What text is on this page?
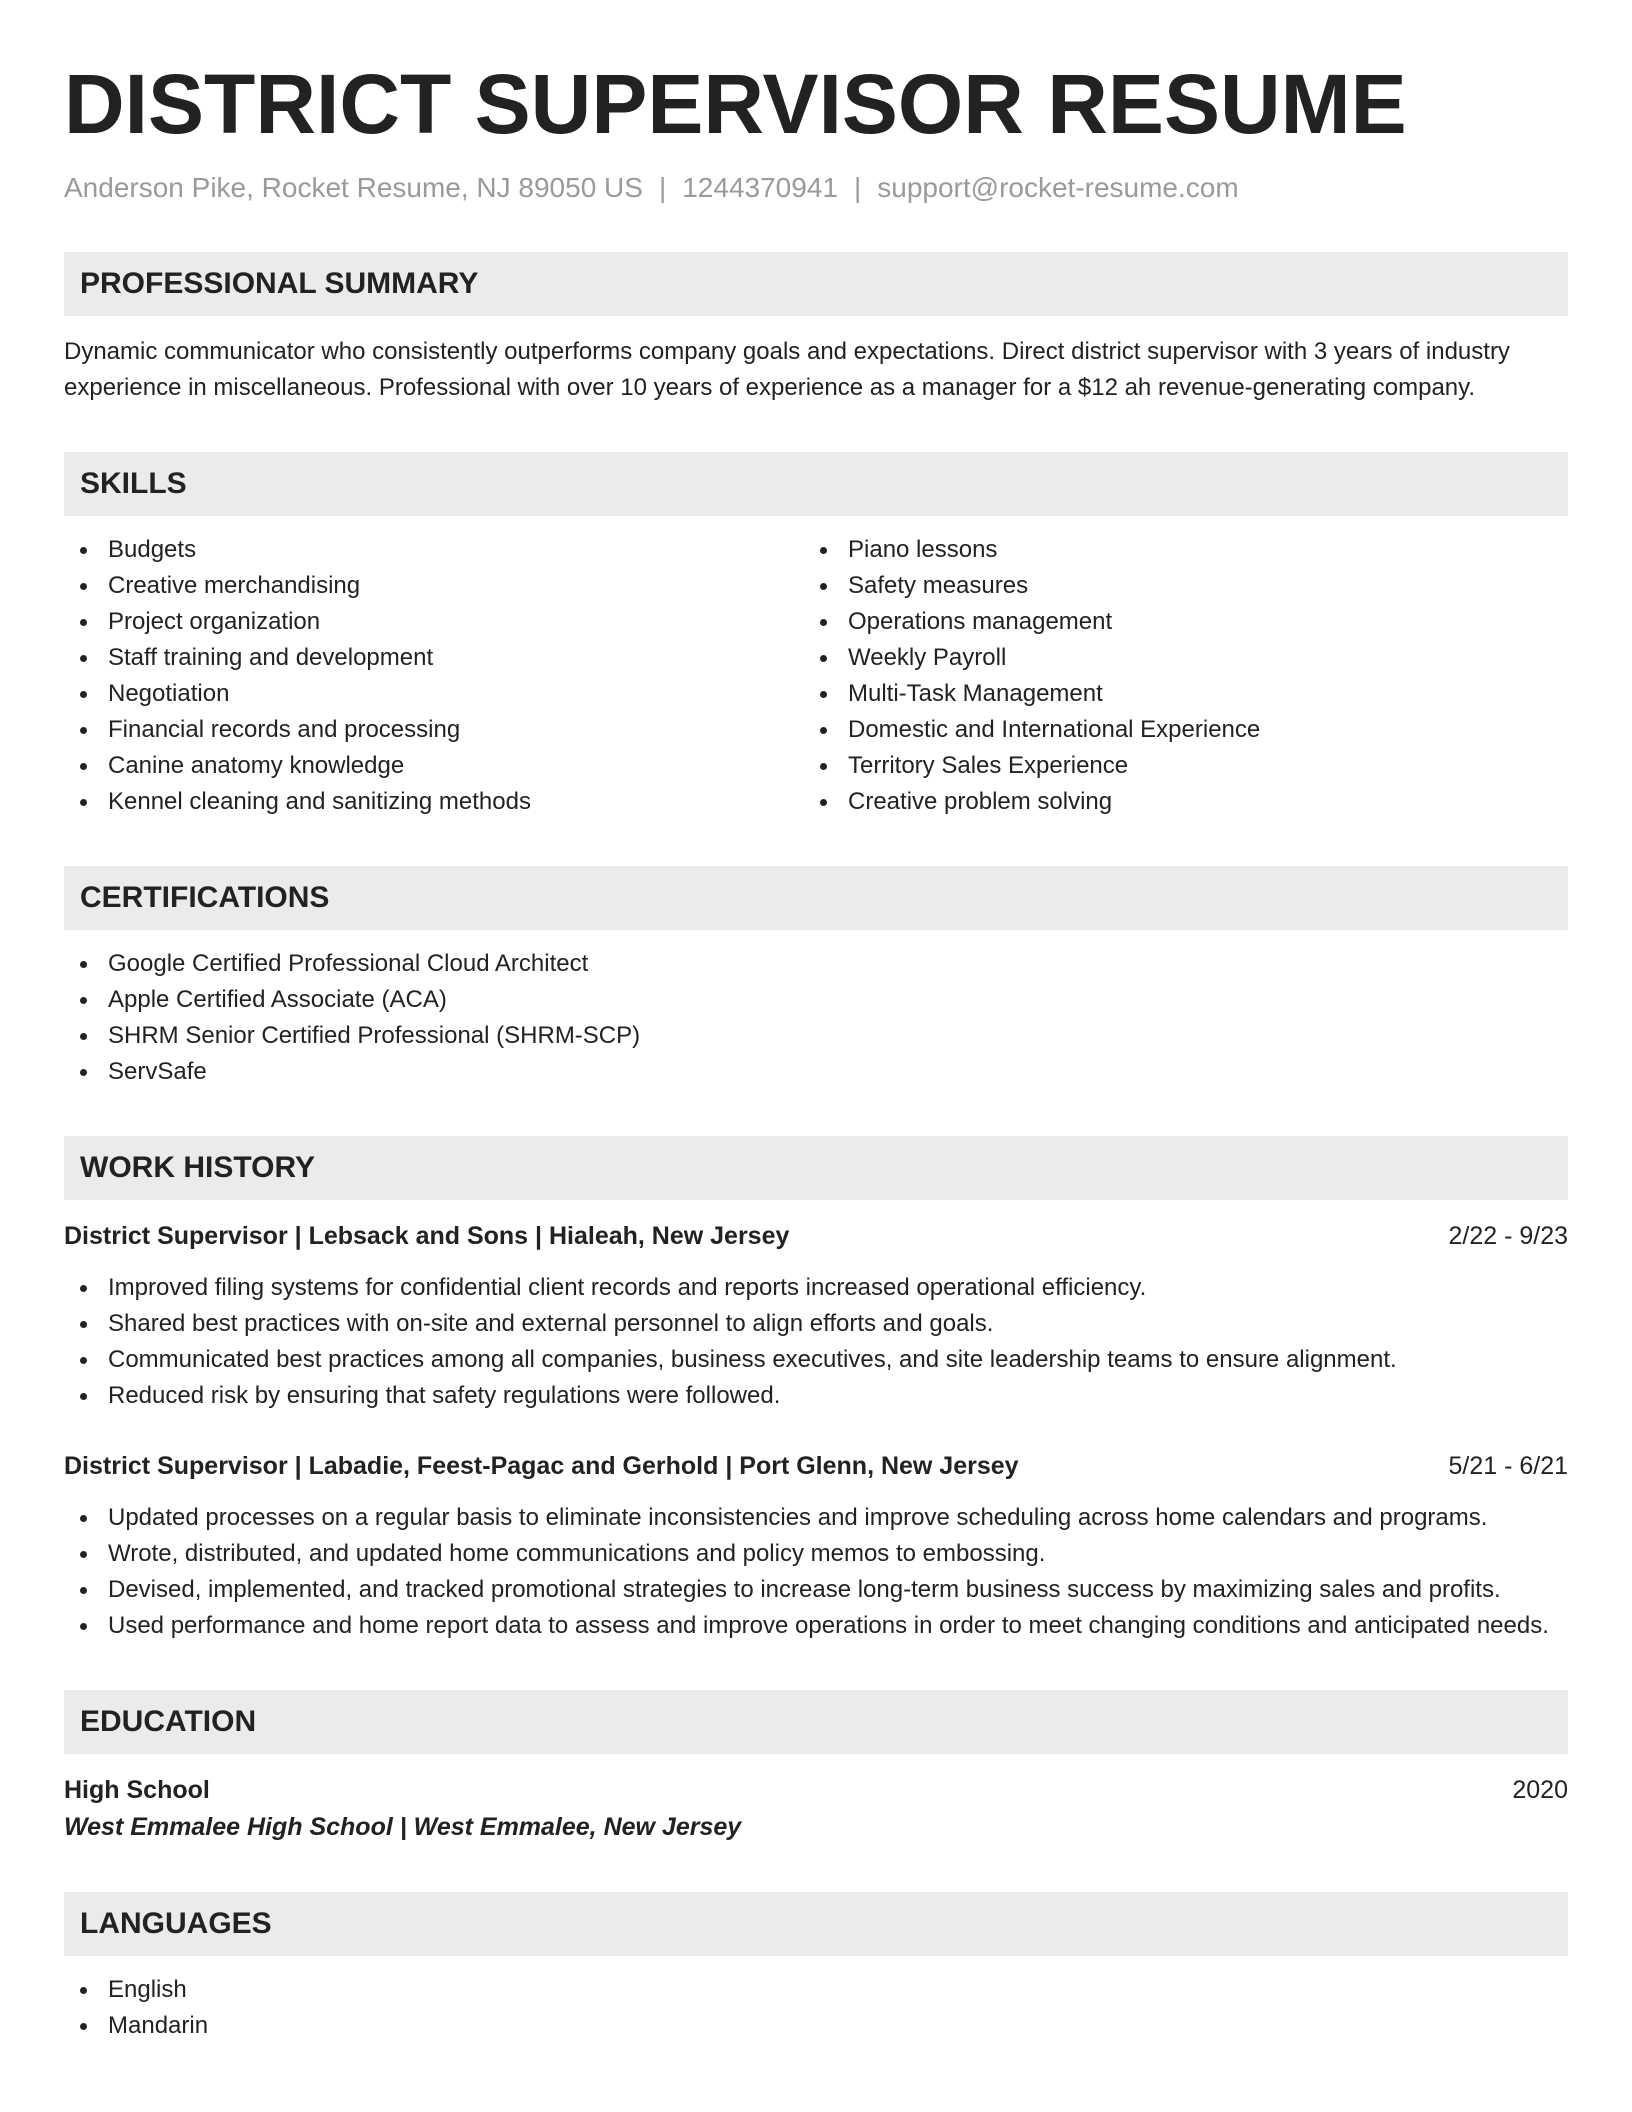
DISTRICT SUPERVISOR RESUME
Anderson Pike, Rocket Resume, NJ 89050 US | 1244370941 | support@rocket-resume.com
PROFESSIONAL SUMMARY
Dynamic communicator who consistently outperforms company goals and expectations. Direct district supervisor with 3 years of industry experience in miscellaneous. Professional with over 10 years of experience as a manager for a $12 ah revenue-generating company.
SKILLS
Budgets
Creative merchandising
Project organization
Staff training and development
Negotiation
Financial records and processing
Canine anatomy knowledge
Kennel cleaning and sanitizing methods
Piano lessons
Safety measures
Operations management
Weekly Payroll
Multi-Task Management
Domestic and International Experience
Territory Sales Experience
Creative problem solving
CERTIFICATIONS
Google Certified Professional Cloud Architect
Apple Certified Associate (ACA)
SHRM Senior Certified Professional (SHRM-SCP)
ServSafe
WORK HISTORY
District Supervisor | Lebsack and Sons | Hialeah, New Jersey	2/22 - 9/23
Improved filing systems for confidential client records and reports increased operational efficiency.
Shared best practices with on-site and external personnel to align efforts and goals.
Communicated best practices among all companies, business executives, and site leadership teams to ensure alignment.
Reduced risk by ensuring that safety regulations were followed.
District Supervisor | Labadie, Feest-Pagac and Gerhold | Port Glenn, New Jersey	5/21 - 6/21
Updated processes on a regular basis to eliminate inconsistencies and improve scheduling across home calendars and programs.
Wrote, distributed, and updated home communications and policy memos to embossing.
Devised, implemented, and tracked promotional strategies to increase long-term business success by maximizing sales and profits.
Used performance and home report data to assess and improve operations in order to meet changing conditions and anticipated needs.
EDUCATION
High School	2020
West Emmalee High School | West Emmalee, New Jersey
LANGUAGES
English
Mandarin
